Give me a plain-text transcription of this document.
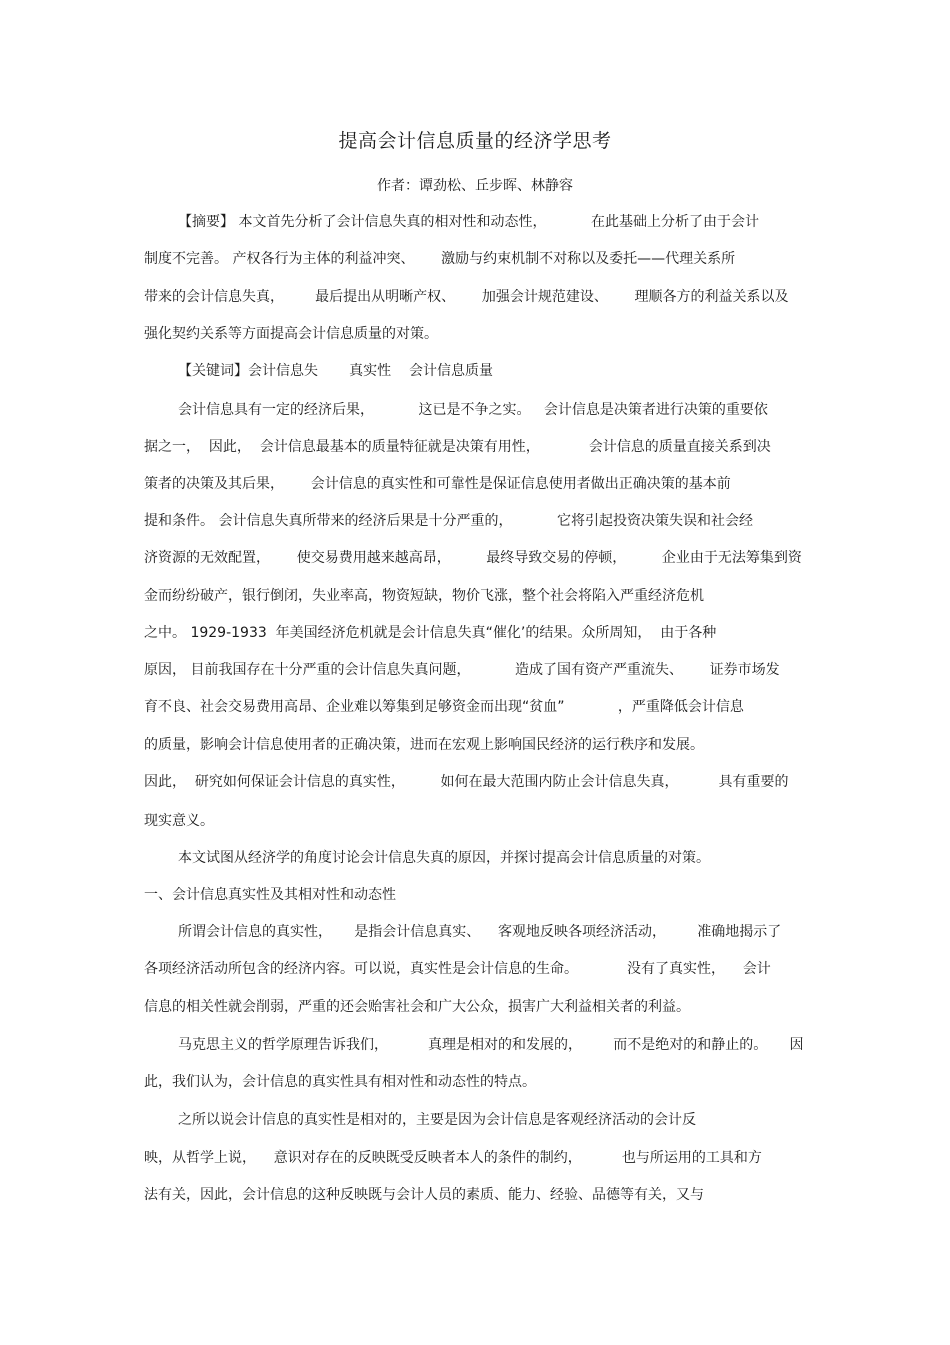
提高会计信息质量的经济学思考
作者：谭劲松、丘步晖、林静容
【摘要】 本文首先分析了会计信息失真的相对性和动态性，          在此基础上分析了由于会计
制度不完善。 产权各行为主体的利益冲突、      激励与约束机制不对称以及委托——代理关系所
带来的会计信息失真，       最后提出从明晰产权、      加强会计规范建设、      理顺各方的利益关系以及
强化契约关系等方面提高会计信息质量的对策。
【关键词】会计信息失       真实性    会计信息质量
会计信息具有一定的经济后果，          这已是不争之实。   会计信息是决策者进行决策的重要依
据之一，  因此，  会计信息最基本的质量特征就是决策有用性，           会计信息的质量直接关系到决
策者的决策及其后果，      会计信息的真实性和可靠性是保证信息使用者做出正确决策的基本前
提和条件。 会计信息失真所带来的经济后果是十分严重的，          它将引起投资决策失误和社会经
济资源的无效配置，      使交易费用越来越高昂，        最终导致交易的停顿，        企业由于无法筹集到资
金而纷纷破产，银行倒闭，失业率高，物资短缺，物价飞涨，整个社会将陷入严重经济危机
之中。 1929-1933  年美国经济危机就是会计信息失真“催化’的结果。众所周知，  由于各种
原因， 目前我国存在十分严重的会计信息失真问题，          造成了国有资产严重流失、      证券市场发
育不良、社会交易费用高昂、企业难以筹集到足够资金而出现“贫血”            ，严重降低会计信息
的质量，影响会计信息使用者的正确决策，进而在宏观上影响国民经济的运行秩序和发展。
因此，  研究如何保证会计信息的真实性，        如何在最大范围内防止会计信息失真，         具有重要的
现实意义。
本文试图从经济学的角度讨论会计信息失真的原因，并探讨提高会计信息质量的对策。
一、会计信息真实性及其相对性和动态性
所谓会计信息的真实性，     是指会计信息真实、    客观地反映各项经济活动，       准确地揭示了
各项经济活动所包含的经济内容。可以说，真实性是会计信息的生命。           没有了真实性，    会计
信息的相关性就会削弱，严重的还会贻害社会和广大公众，损害广大利益相关者的利益。
马克思主义的哲学原理告诉我们，         真理是相对的和发展的，       而不是绝对的和静止的。     因
此，我们认为，会计信息的真实性具有相对性和动态性的特点。
之所以说会计信息的真实性是相对的，主要是因为会计信息是客观经济活动的会计反
映，从哲学上说，    意识对存在的反映既受反映者本人的条件的制约，         也与所运用的工具和方
法有关，因此，会计信息的这种反映既与会计人员的素质、能力、经验、品德等有关，又与
